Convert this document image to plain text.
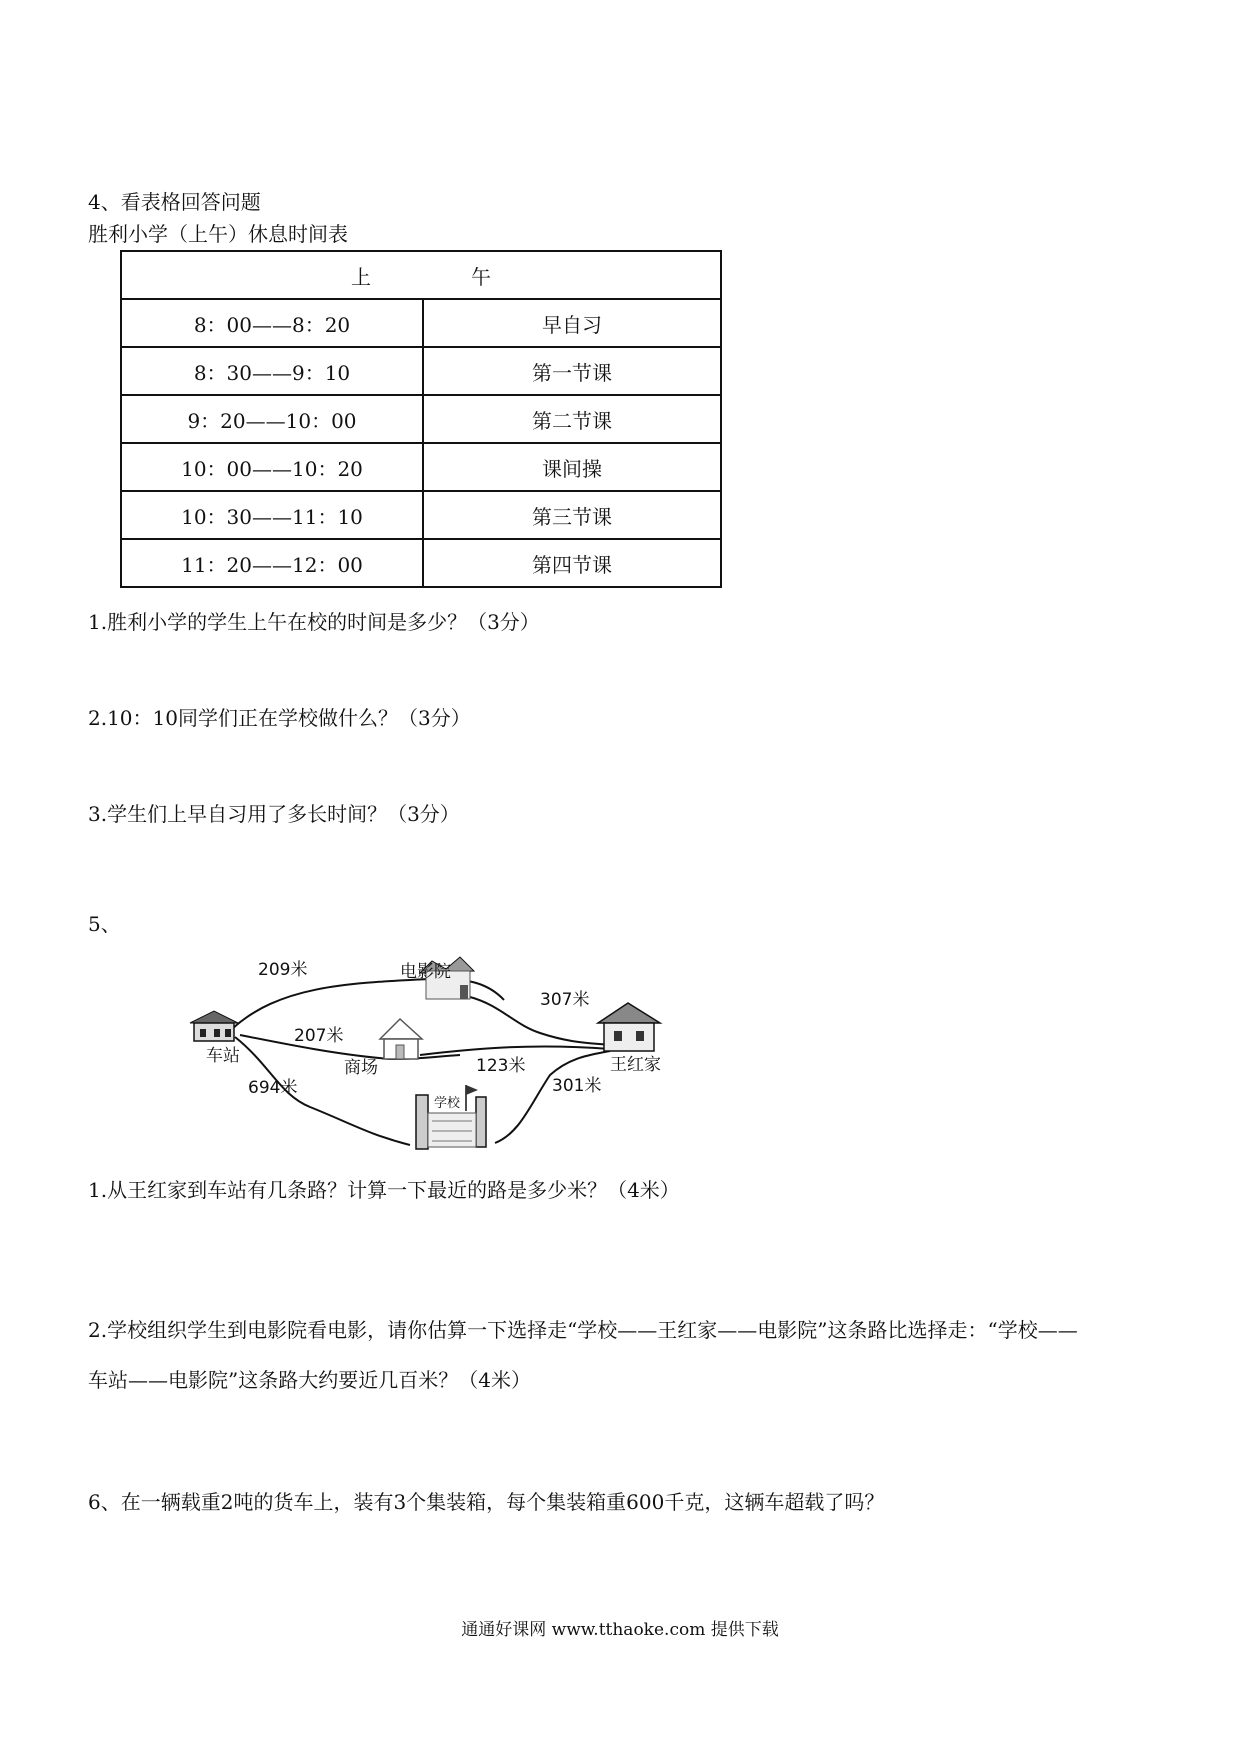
4、看表格回答问题
胜利小学（上午）休息时间表
上 午	
8：00——8：20	早自习
8：30——9：10	第一节课
9：20——10：00	第二节课
10：00——10：20	课间操
10：30——11：10	第三节课
11：20——12：00	第四节课
1.胜利小学的学生上午在校的时间是多少？（3分）
2.10：10同学们正在学校做什么？（3分）
3.学生们上早自习用了多长时间？（3分）
5、
电影院
车站
商场	王红家
学校
209米
307米
207米
123米
694米	301米
1.从王红家到车站有几条路？计算一下最近的路是多少米？（4米）
2.学校组织学生到电影院看电影，请你估算一下选择走“学校——王红家——电影院”这条路比选择走：“学校——
车站——电影院”这条路大约要近几百米？（4米）
6、在一辆载重2吨的货车上，装有3个集装箱，每个集装箱重600千克，这辆车超载了吗？
通通好课网 www.tthaoke.com 提供下载
